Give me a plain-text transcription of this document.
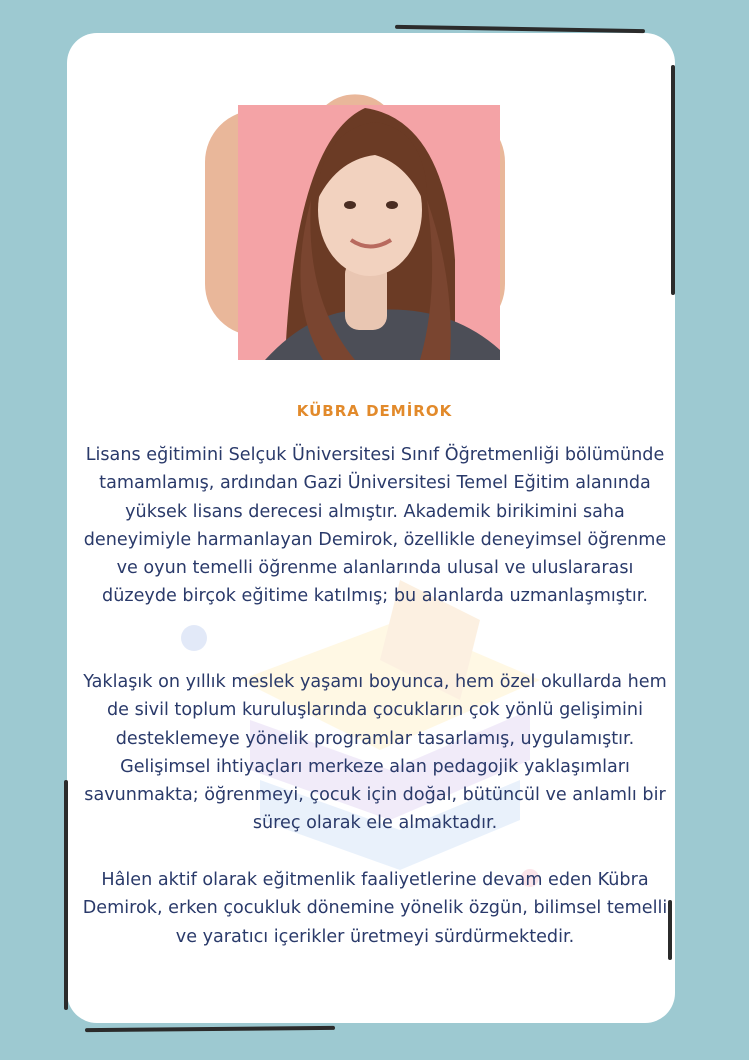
KÜBRA DEMİROK
Lisans eğitimini Selçuk Üniversitesi Sınıf Öğretmenliği bölümünde tamamlamış, ardından Gazi Üniversitesi Temel Eğitim alanında yüksek lisans derecesi almıştır. Akademik birikimini saha deneyimiyle harmanlayan Demirok, özellikle deneyimsel öğrenme ve oyun temelli öğrenme alanlarında ulusal ve uluslararası düzeyde birçok eğitime katılmış; bu alanlarda uzmanlaşmıştır.
Yaklaşık on yıllık meslek yaşamı boyunca, hem özel okullarda hem de sivil toplum kuruluşlarında çocukların çok yönlü gelişimini desteklemeye yönelik programlar tasarlamış, uygulamıştır. Gelişimsel ihtiyaçları merkeze alan pedagojik yaklaşımları savunmakta; öğrenmeyi, çocuk için doğal, bütüncül ve anlamlı bir süreç olarak ele almaktadır.
Hâlen aktif olarak eğitmenlik faaliyetlerine devam eden Kübra Demirok, erken çocukluk dönemine yönelik özgün, bilimsel temelli ve yaratıcı içerikler üretmeyi sürdürmektedir.
